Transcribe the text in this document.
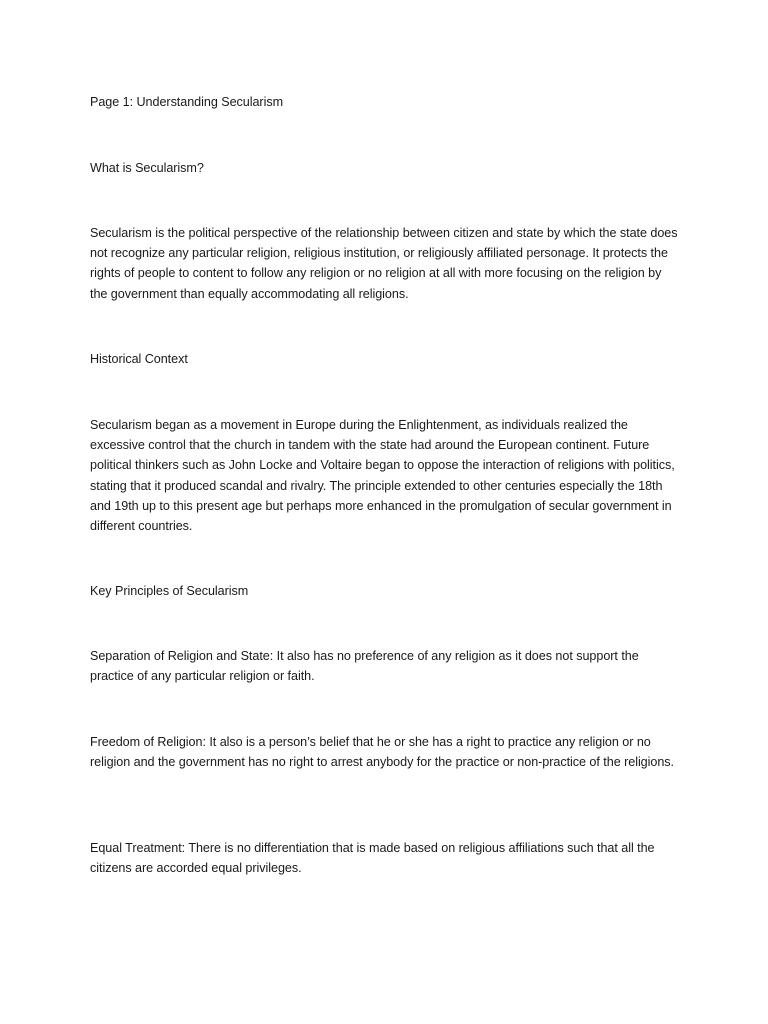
Page 1: Understanding Secularism

What is Secularism?

Secularism is the political perspective of the relationship between citizen and state by which the state does not recognize any particular religion, religious institution, or religiously affiliated personage. It protects the rights of people to content to follow any religion or no religion at all with more focusing on the religion by the government than equally accommodating all religions.

Historical Context

Secularism began as a movement in Europe during the Enlightenment, as individuals realized the excessive control that the church in tandem with the state had around the European continent. Future political thinkers such as John Locke and Voltaire began to oppose the interaction of religions with politics, stating that it produced scandal and rivalry. The principle extended to other centuries especially the 18th and 19th up to this present age but perhaps more enhanced in the promulgation of secular government in different countries.

Key Principles of Secularism

Separation of Religion and State: It also has no preference of any religion as it does not support the practice of any particular religion or faith.

Freedom of Religion: It also is a person’s belief that he or she has a right to practice any religion or no religion and the government has no right to arrest anybody for the practice or non-practice of the religions.

Equal Treatment: There is no differentiation that is made based on religious affiliations such that all the citizens are accorded equal privileges.
